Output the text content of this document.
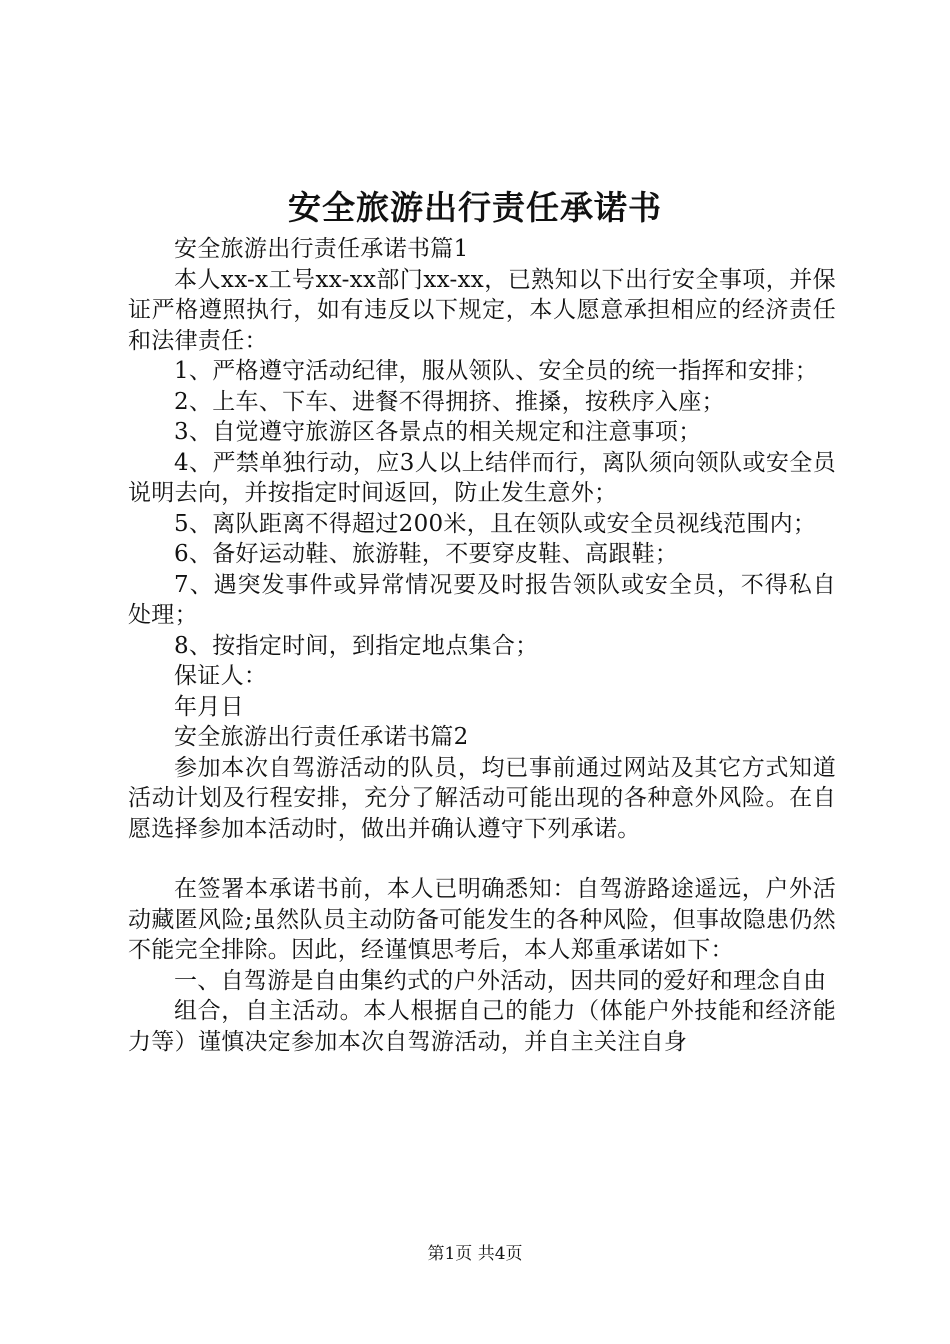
安全旅游出行责任承诺书

安全旅游出行责任承诺书篇1

本人xx-x工号xx-xx部门xx-xx，已熟知以下出行安全事项，并保证严格遵照执行，如有违反以下规定，本人愿意承担相应的经济责任和法律责任：

1、严格遵守活动纪律，服从领队、安全员的统一指挥和安排；

2、上车、下车、进餐不得拥挤、推搡，按秩序入座；

3、自觉遵守旅游区各景点的相关规定和注意事项；

4、严禁单独行动，应3人以上结伴而行，离队须向领队或安全员说明去向，并按指定时间返回，防止发生意外；

5、离队距离不得超过200米，且在领队或安全员视线范围内；

6、备好运动鞋、旅游鞋，不要穿皮鞋、高跟鞋；

7、遇突发事件或异常情况要及时报告领队或安全员，不得私自处理；

8、按指定时间，到指定地点集合；

保证人：

年月日

安全旅游出行责任承诺书篇2

参加本次自驾游活动的队员，均已事前通过网站及其它方式知道活动计划及行程安排，充分了解活动可能出现的各种意外风险。在自愿选择参加本活动时，做出并确认遵守下列承诺。

在签署本承诺书前，本人已明确悉知：自驾游路途遥远，户外活动藏匿风险;虽然队员主动防备可能发生的各种风险，但事故隐患仍然不能完全排除。因此，经谨慎思考后，本人郑重承诺如下：

一、自驾游是自由集约式的户外活动，因共同的爱好和理念自由

组合，自主活动。本人根据自己的能力（体能户外技能和经济能力等）谨慎决定参加本次自驾游活动，并自主关注自身

第1页 共4页
